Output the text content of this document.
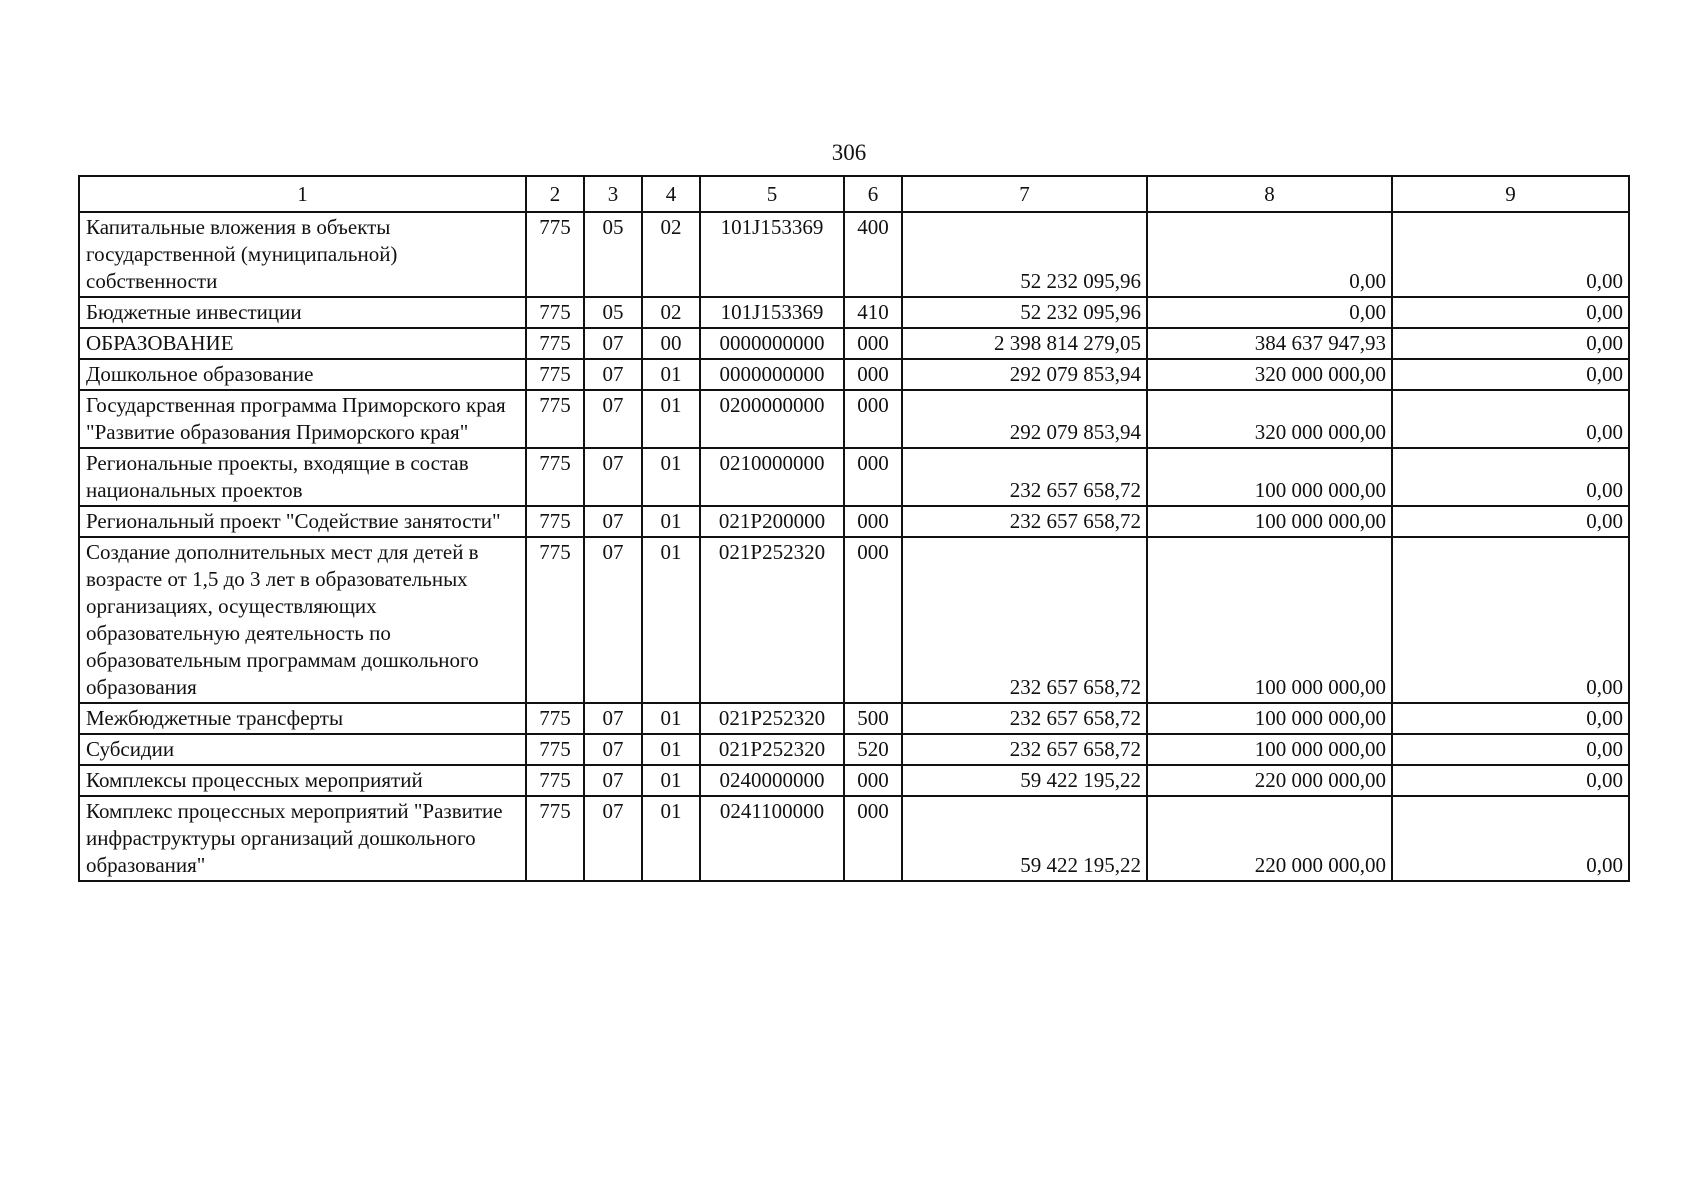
306
1	2	3	4	5	6	7	8	9
Капитальные вложения в объекты государственной (муниципальной) собственности	775	05	02	101J153369	400	52 232 095,96	0,00	0,00
Бюджетные инвестиции	775	05	02	101J153369	410	52 232 095,96	0,00	0,00
ОБРАЗОВАНИЕ	775	07	00	0000000000	000	2 398 814 279,05	384 637 947,93	0,00
Дошкольное образование	775	07	01	0000000000	000	292 079 853,94	320 000 000,00	0,00
Государственная программа Приморского края "Развитие образования Приморского края"	775	07	01	0200000000	000	292 079 853,94	320 000 000,00	0,00
Региональные проекты, входящие в состав национальных проектов	775	07	01	0210000000	000	232 657 658,72	100 000 000,00	0,00
Региональный проект "Содействие занятости"	775	07	01	021P200000	000	232 657 658,72	100 000 000,00	0,00
Создание дополнительных мест для детей в возрасте от 1,5 до 3 лет в образовательных организациях, осуществляющих образовательную деятельность по образовательным программам дошкольного образования	775	07	01	021P252320	000	232 657 658,72	100 000 000,00	0,00
Межбюджетные трансферты	775	07	01	021P252320	500	232 657 658,72	100 000 000,00	0,00
Субсидии	775	07	01	021P252320	520	232 657 658,72	100 000 000,00	0,00
Комплексы процессных мероприятий	775	07	01	0240000000	000	59 422 195,22	220 000 000,00	0,00
Комплекс процессных мероприятий "Развитие инфраструктуры организаций дошкольного образования"	775	07	01	0241100000	000	59 422 195,22	220 000 000,00	0,00
